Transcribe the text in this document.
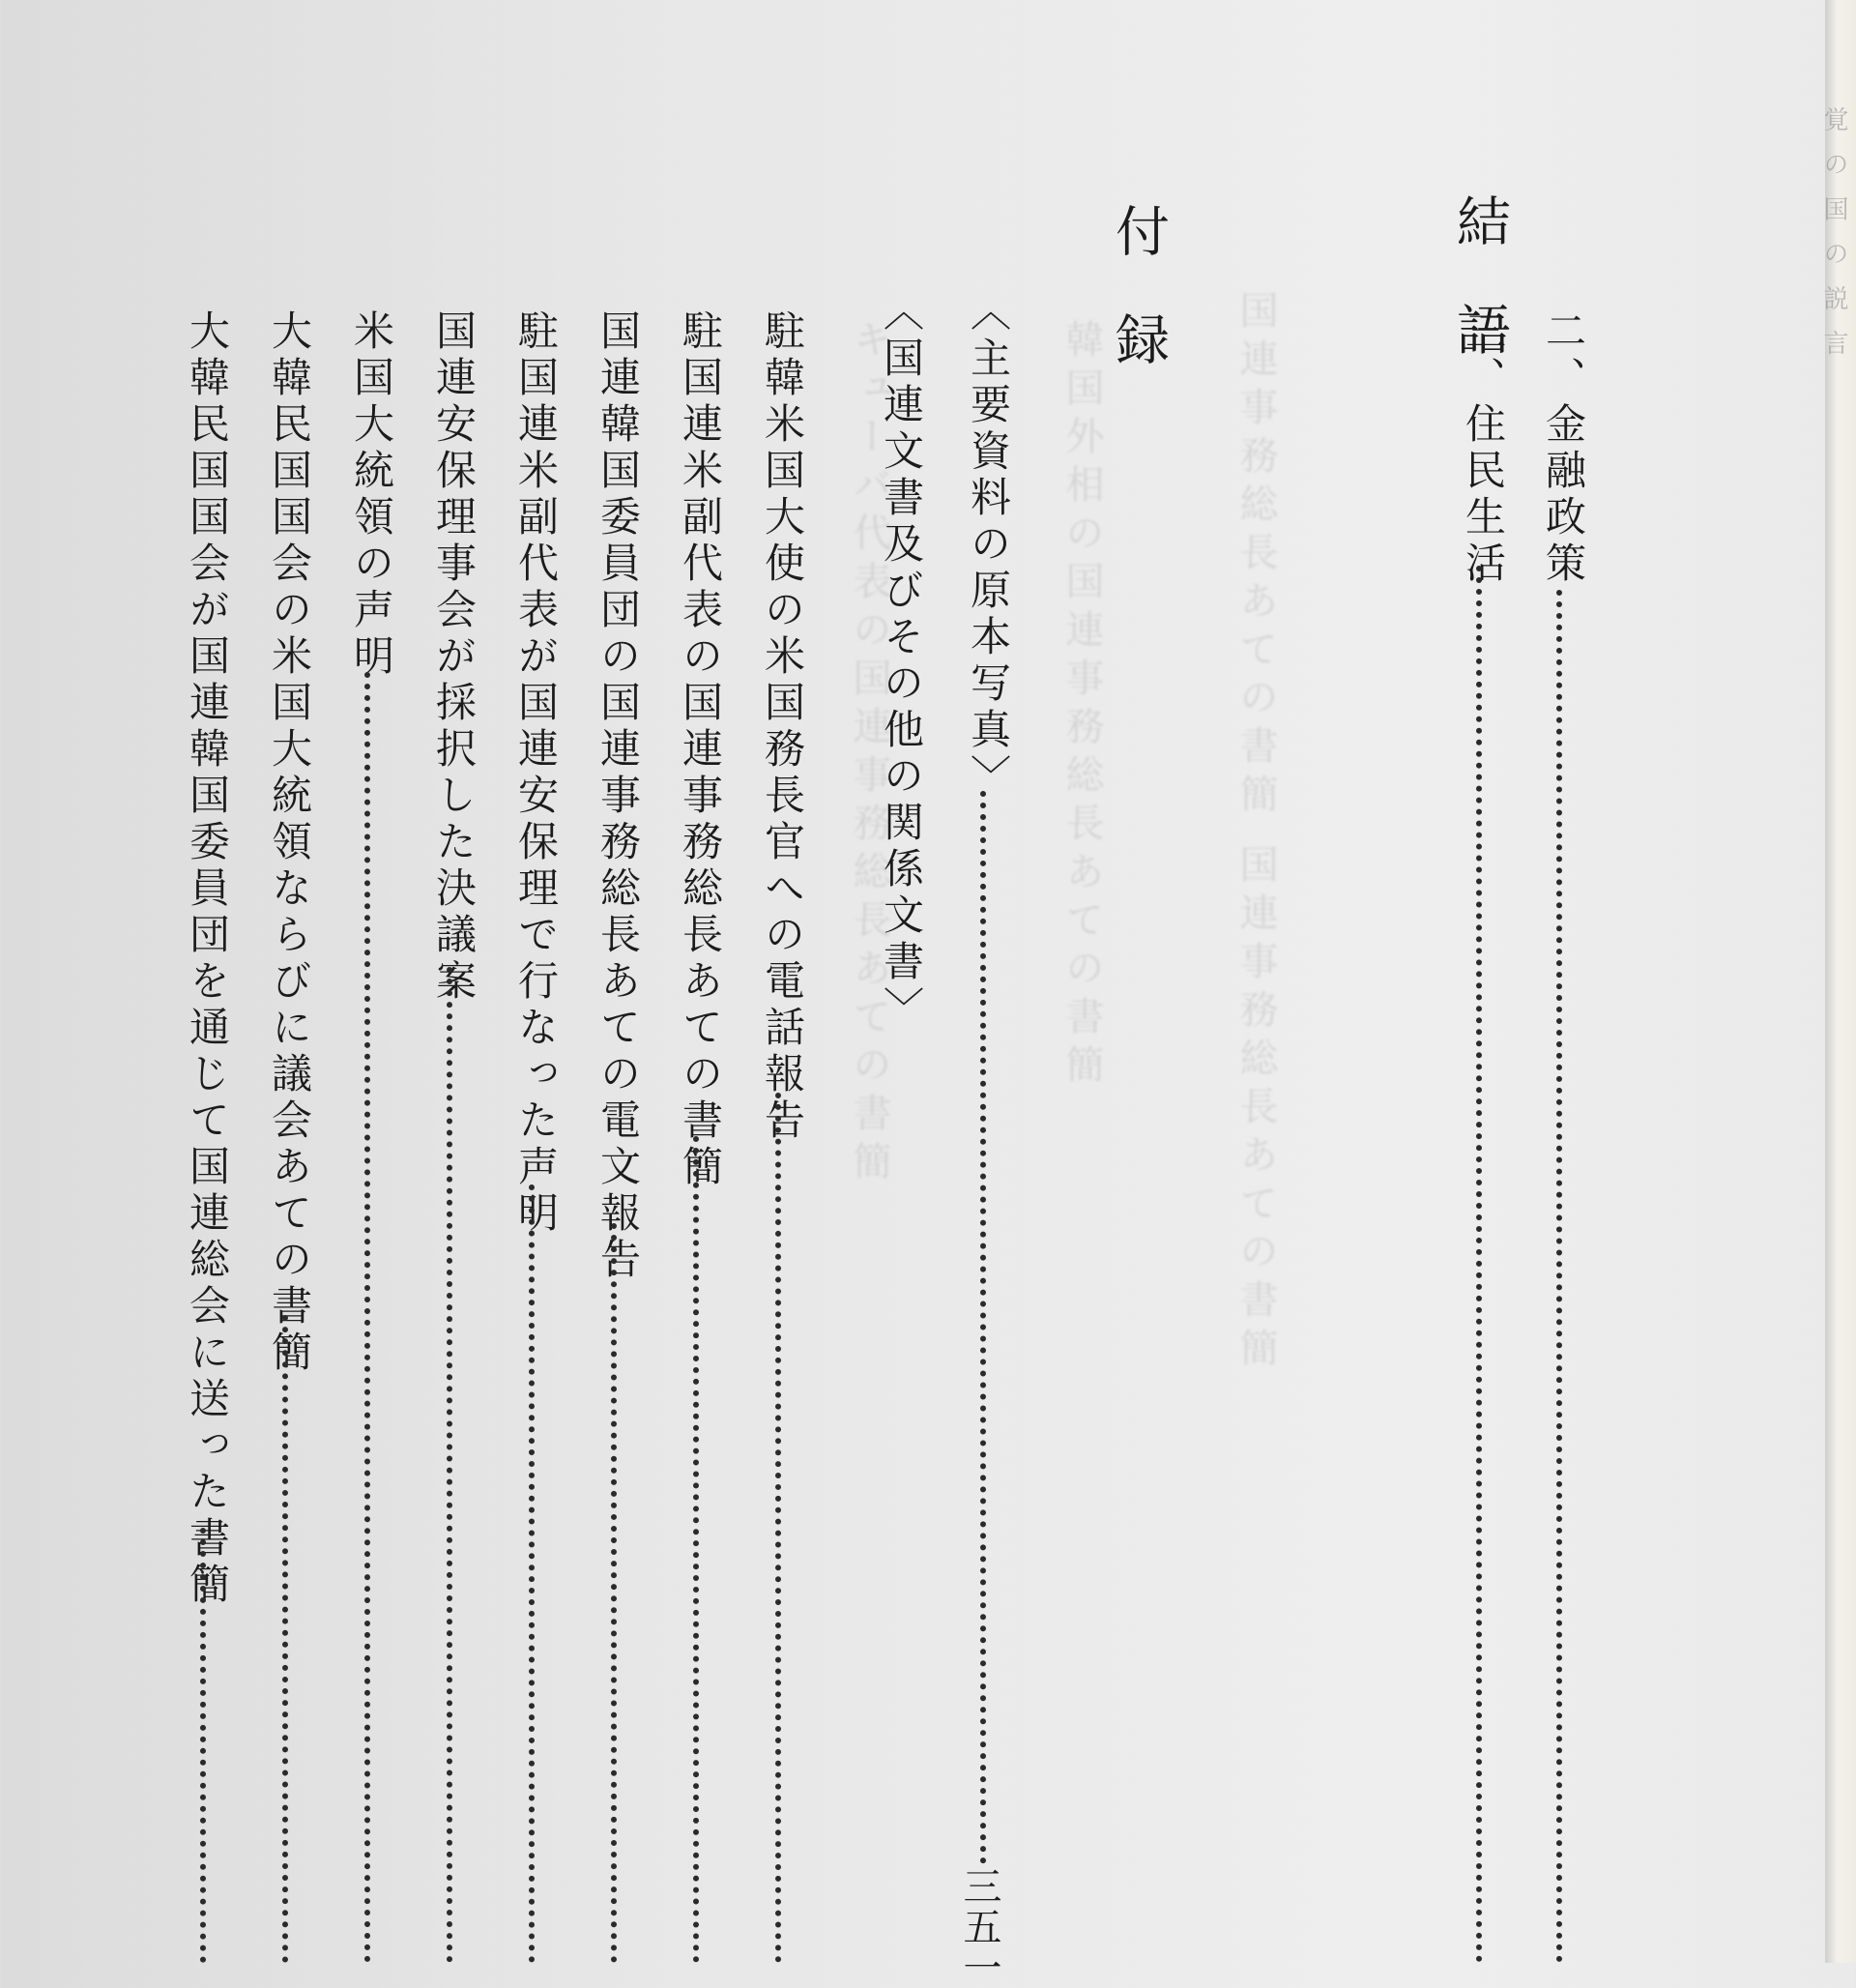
国連事務総長あての書簡 国連事務総長あての書簡
韓国外相の国連事務総長あての書簡
キューバ代表の国連事務総長あての書簡
結　語
二、金融政策
三、住民生活
付　録
〈主要資料の原本写真〉
三五一
〈国連文書及びその他の関係文書〉
駐韓米国大使の米国務長官への電話報告
駐国連米副代表の国連事務総長あての書簡
国連韓国委員団の国連事務総長あての電文報告
駐国連米副代表が国連安保理で行なった声明
国連安保理事会が採択した決議案
米国大統領の声明
大韓民国国会の米国大統領ならびに議会あての書簡
大韓民国国会が国連韓国委員団を通じて国連総会に送った書簡
覚 の 国 の 説 言
